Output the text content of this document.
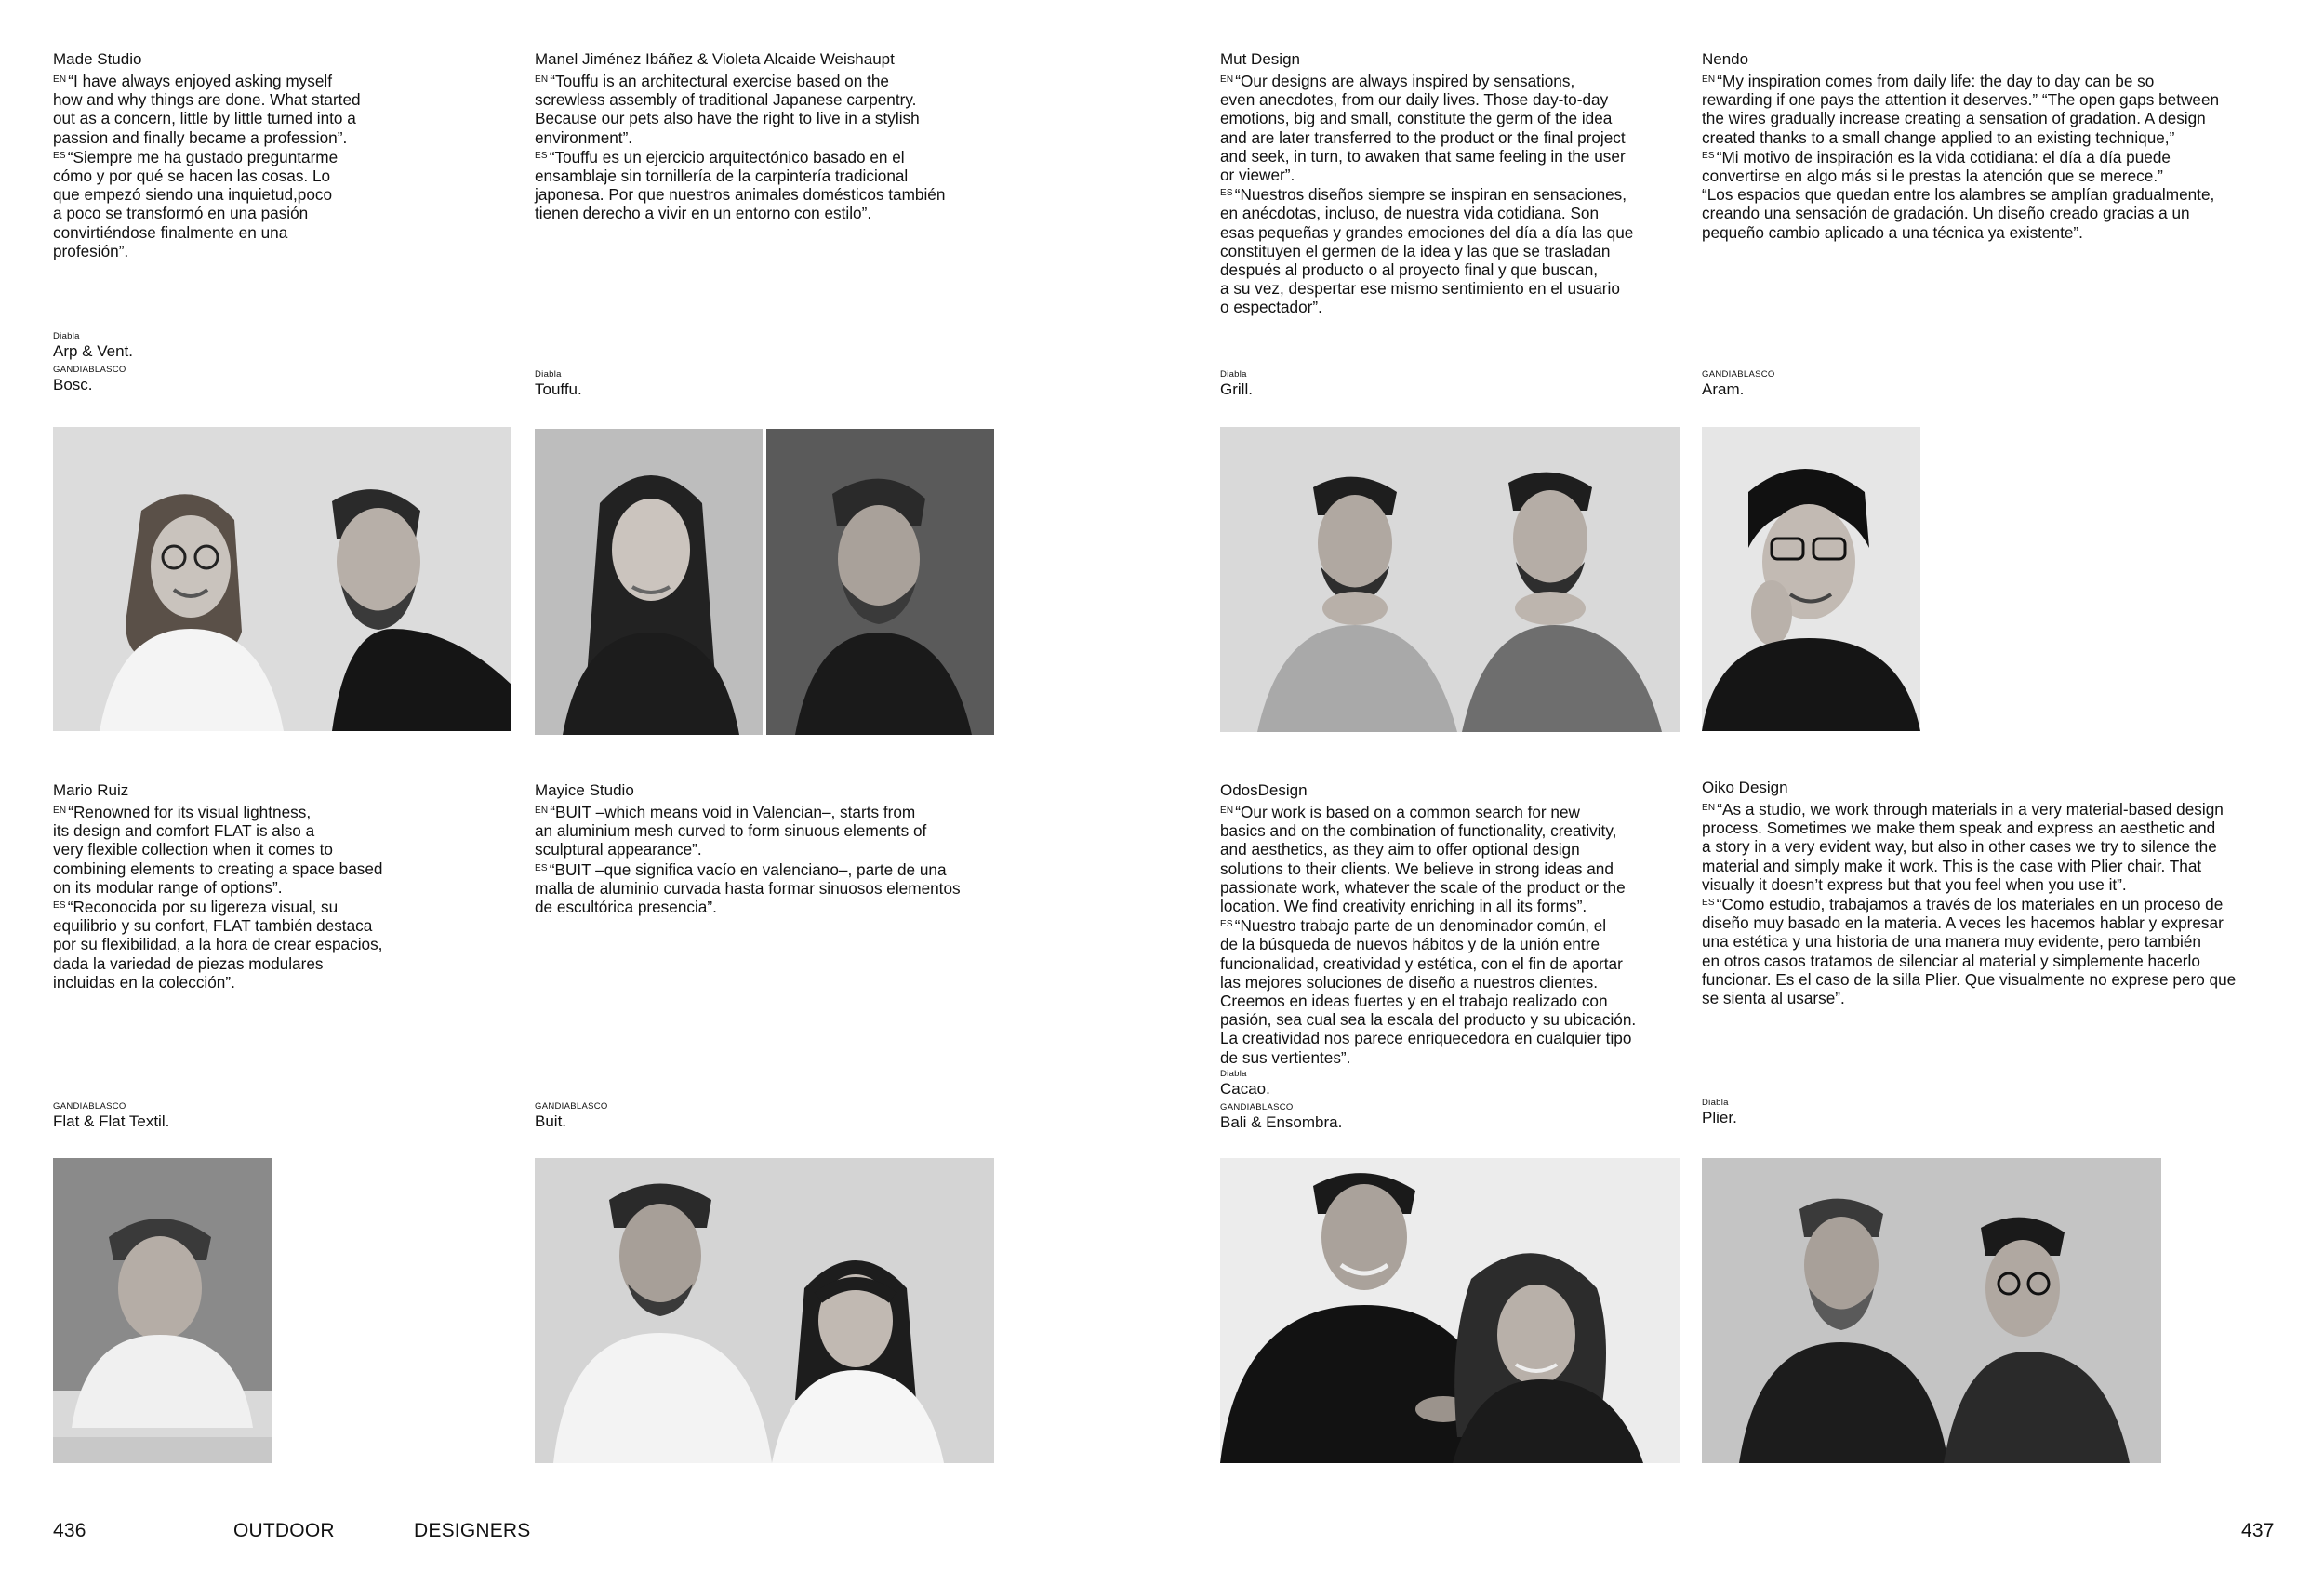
Made Studio

$^{EN}$ “I have always enjoyed asking myself
how and why things are done. What started
out as a concern, little by little turned into a
passion and finally became a profession”.

$^{ES}$ “Siempre me ha gustado preguntarme
cómo y por qué se hacen las cosas. Lo
que empezó siendo una inquietud,poco
a poco se transformó en una pasión
convirtiéndose finalmente en una
profesión”.

Diabla
Arp & Vent.
GANDIABLASCO
Bosc.
Manel Jiménez Ibáñez & Violeta Alcaide Weishaupt

$^{EN}$ “Touffu is an architectural exercise based on the
screwless assembly of traditional Japanese carpentry.
Because our pets also have the right to live in a stylish
environment”.

$^{ES}$ “Touffu es un ejercicio arquitectónico basado en el
ensamblaje sin tornillería de la carpintería tradicional
japonesa. Por que nuestros animales domésticos también
tienen derecho a vivir en un entorno con estilo”.

Diabla
Touffu.
Mut Design

$^{EN}$ “Our designs are always inspired by sensations,
even anecdotes, from our daily lives. Those day-to-day
emotions, big and small, constitute the germ of the idea
and are later transferred to the product or the final project
and seek, in turn, to awaken that same feeling in the user
or viewer”.

$^{ES}$ “Nuestros diseños siempre se inspiran en sensaciones,
en anécdotas, incluso, de nuestra vida cotidiana. Son
esas pequeñas y grandes emociones del día a día las que
constituyen el germen de la idea y las que se trasladan
después al producto o al proyecto final y que buscan,
a su vez, despertar ese mismo sentimiento en el usuario
o espectador”.

Diabla
Grill.
Nendo

$^{EN}$ “My inspiration comes from daily life: the day to day can be so
rewarding if one pays the attention it deserves.” “The open gaps between
the wires gradually increase creating a sensation of gradation. A design
created thanks to a small change applied to an existing technique,”

$^{ES}$ “Mi motivo de inspiración es la vida cotidiana: el día a día puede
convertirse en algo más si le prestas la atención que se merece.”
“Los espacios que quedan entre los alambres se amplían gradualmente,
creando una sensación de gradación. Un diseño creado gracias a un
pequeño cambio aplicado a una técnica ya existente”.

GANDIABLASCO
Aram.
Mario Ruiz

$^{EN}$ “Renowned for its visual lightness,
its design and comfort FLAT is also a
very flexible collection when it comes to
combining elements to creating a space based
on its modular range of options”.

$^{ES}$ “Reconocida por su ligereza visual, su
equilibrio y su confort, FLAT también destaca
por su flexibilidad, a la hora de crear espacios,
dada la variedad de piezas modulares
incluidas en la colección”.

GANDIABLASCO
Flat & Flat Textil.
Mayice Studio

$^{EN}$ “BUIT –which means void in Valencian–, starts from
an aluminium mesh curved to form sinuous elements of
sculptural appearance”.

$^{ES}$ “BUIT –que significa vacío en valenciano–, parte de una
malla de aluminio curvada hasta formar sinuosos elementos
de escultórica presencia”.

GANDIABLASCO
Buit.
OdosDesign

$^{EN}$ “Our work is based on a common search for new
basics and on the combination of functionality, creativity,
and aesthetics, as they aim to offer optional design
solutions to their clients. We believe in strong ideas and
passionate work, whatever the scale of the product or the
location. We find creativity enriching in all its forms”.

$^{ES}$ “Nuestro trabajo parte de un denominador común, el
de la búsqueda de nuevos hábitos y de la unión entre
funcionalidad, creatividad y estética, con el fin de aportar
las mejores soluciones de diseño a nuestros clientes.
Creemos en ideas fuertes y en el trabajo realizado con
pasión, sea cual sea la escala del producto y su ubicación.
La creatividad nos parece enriquecedora en cualquier tipo
de sus vertientes”.

Diabla
Cacao.
GANDIABLASCO
Bali & Ensombra.
Oiko Design

$^{EN}$ “As a studio, we work through materials in a very material-based design
process. Sometimes we make them speak and express an aesthetic and
a story in a very evident way, but also in other cases we try to silence the
material and simply make it work. This is the case with Plier chair. That
visually it doesn’t express but that you feel when you use it”.

$^{ES}$ “Como estudio, trabajamos a través de los materiales en un proceso de
diseño muy basado en la materia. A veces les hacemos hablar y expresar
una estética y una historia de una manera muy evidente, pero también
en otros casos tratamos de silenciar al material y simplemente hacerlo
funcionar. Es el caso de la silla Plier. Que visualmente no exprese pero que
se sienta al usarse”.

Diabla
Plier.
436	OUTDOOR	DESIGNERS	437
